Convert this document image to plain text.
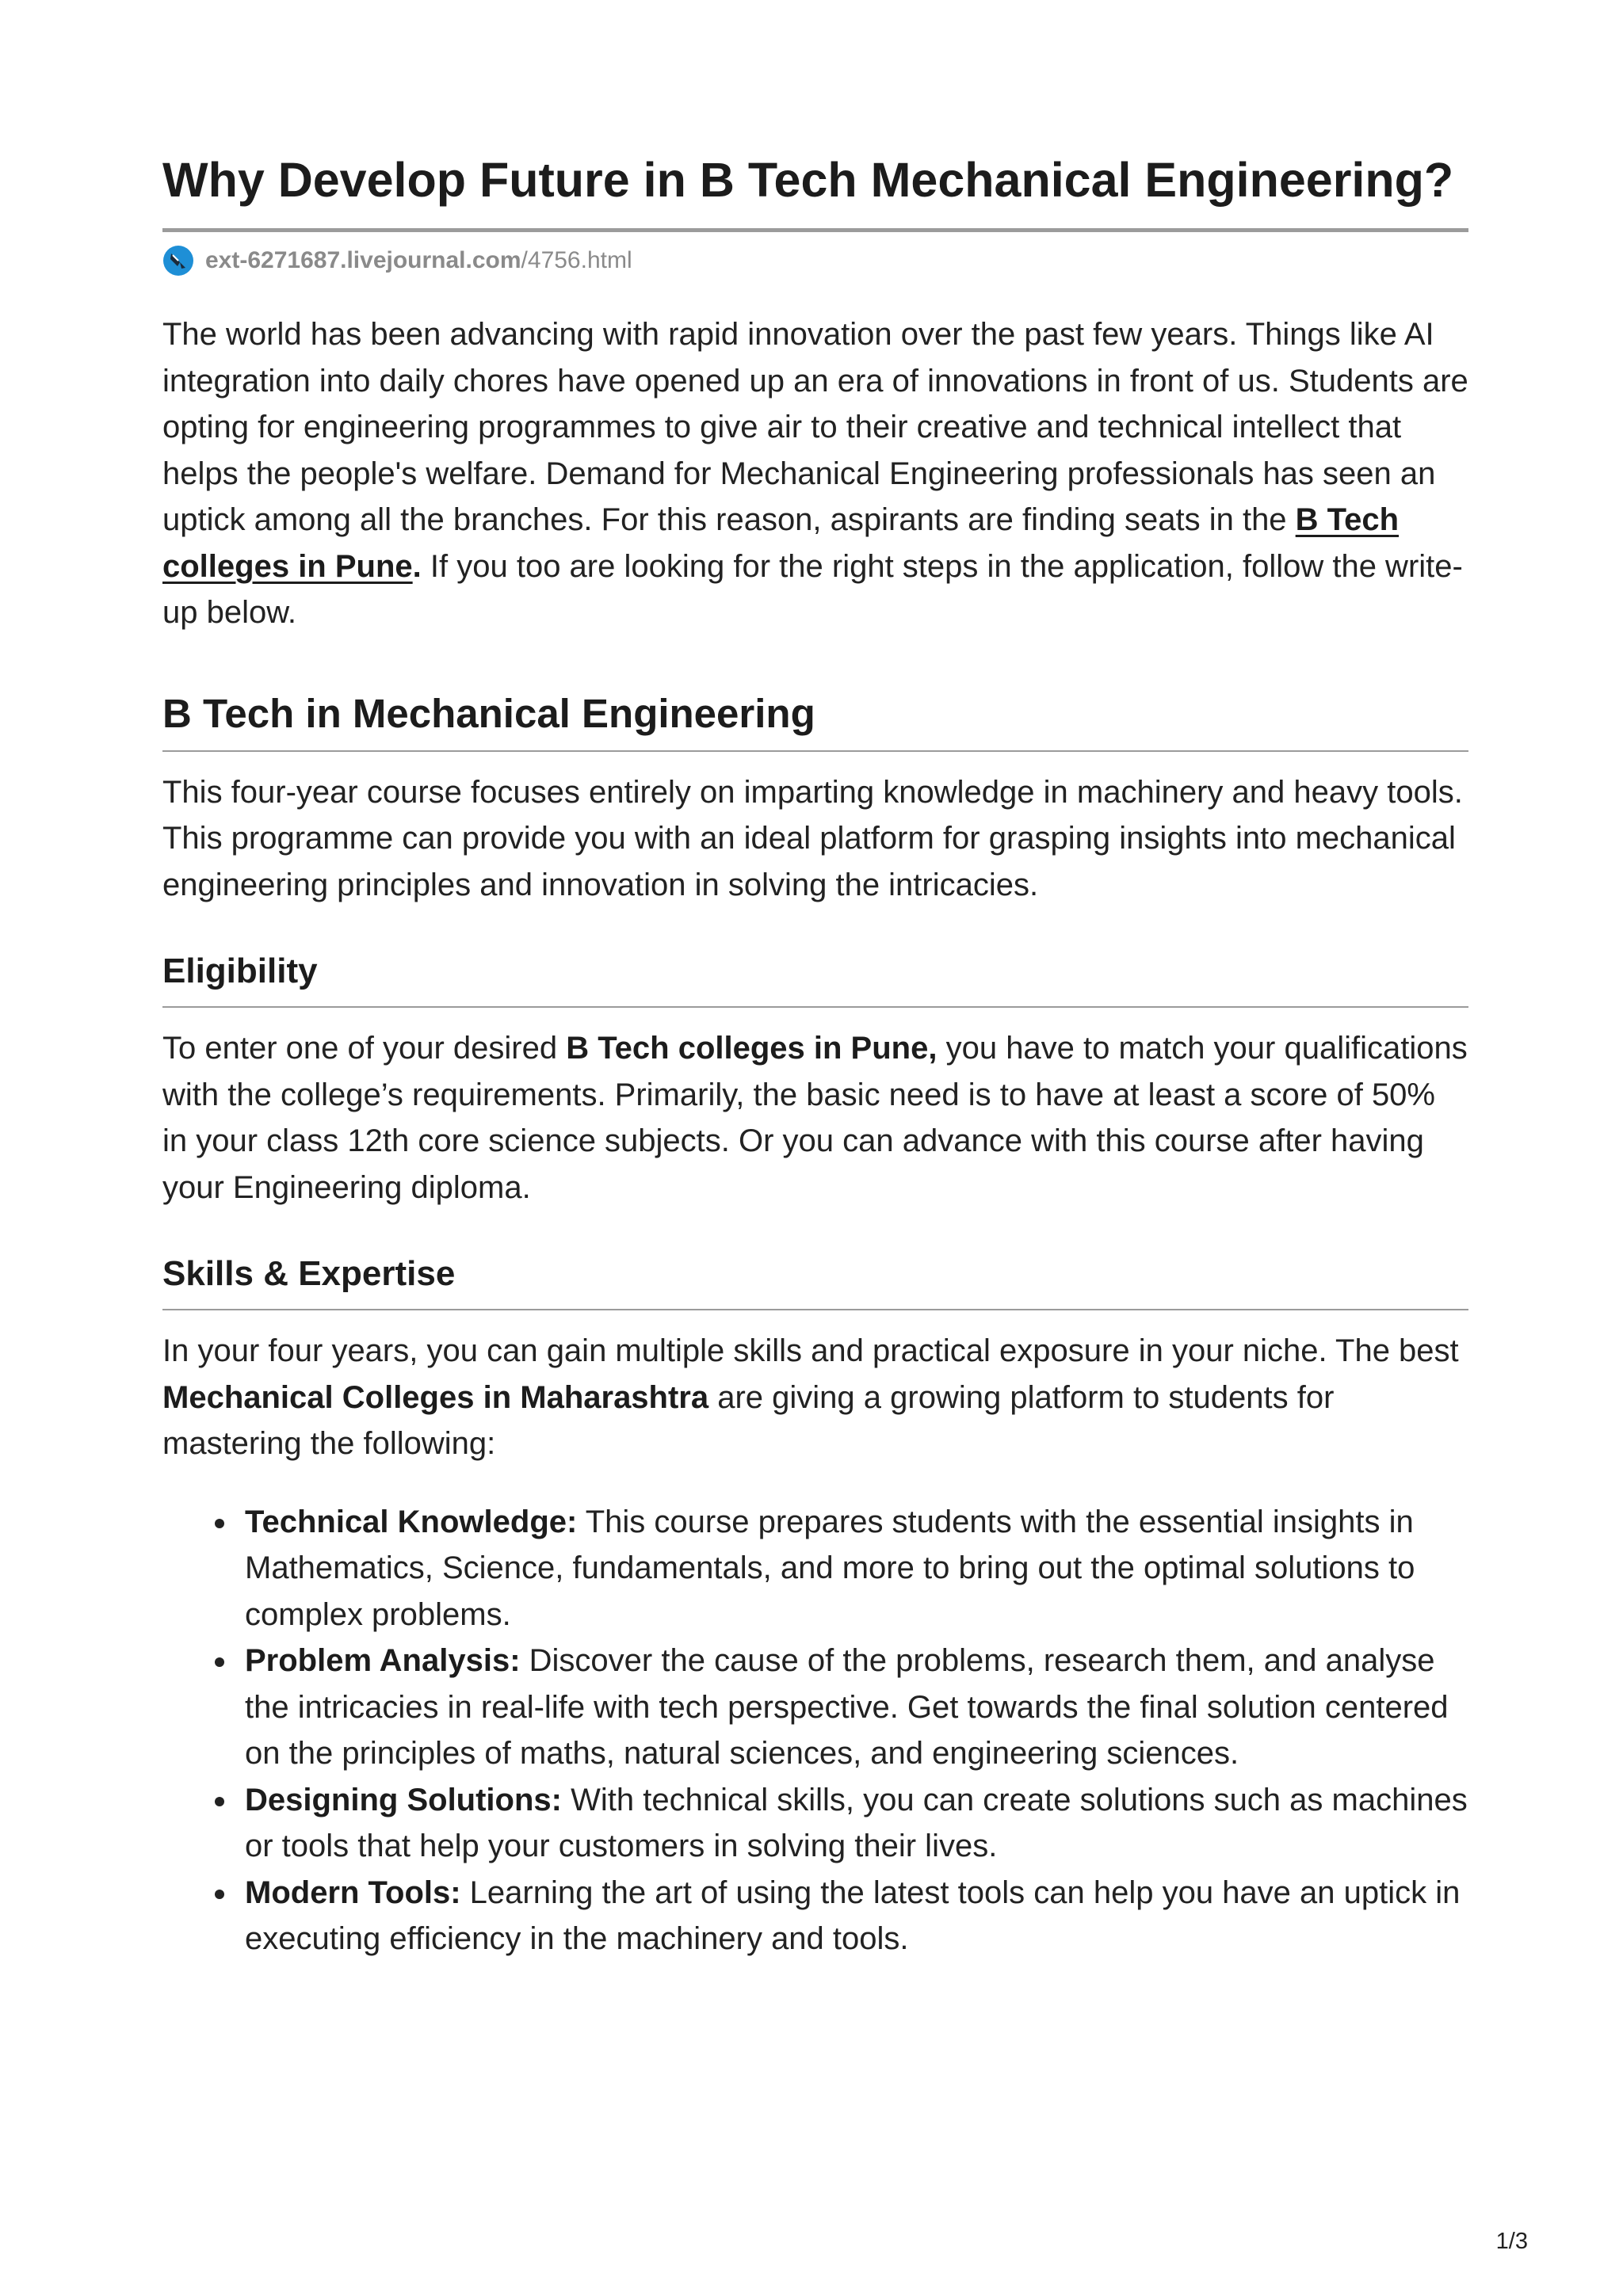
Why Develop Future in B Tech Mechanical Engineering?
ext-6271687.livejournal.com /4756.html

The world has been advancing with rapid innovation over the past few years. Things like AI integration into daily chores have opened up an era of innovations in front of us. Students are opting for engineering programmes to give air to their creative and technical intellect that helps the people's welfare. Demand for Mechanical Engineering professionals has seen an uptick among all the branches. For this reason, aspirants are finding seats in the B Tech colleges in Pune. If you too are looking for the right steps in the application, follow the write-up below.

B Tech in Mechanical Engineering

This four-year course focuses entirely on imparting knowledge in machinery and heavy tools. This programme can provide you with an ideal platform for grasping insights into mechanical engineering principles and innovation in solving the intricacies.

Eligibility

To enter one of your desired B Tech colleges in Pune, you have to match your qualifications with the college’s requirements. Primarily, the basic need is to have at least a score of 50% in your class 12th core science subjects. Or you can advance with this course after having your Engineering diploma.

Skills & Expertise

In your four years, you can gain multiple skills and practical exposure in your niche. The best Mechanical Colleges in Maharashtra are giving a growing platform to students for mastering the following:

Technical Knowledge: This course prepares students with the essential insights in Mathematics, Science, fundamentals, and more to bring out the optimal solutions to complex problems.
Problem Analysis: Discover the cause of the problems, research them, and analyse the intricacies in real-life with tech perspective. Get towards the final solution centered on the principles of maths, natural sciences, and engineering sciences.
Designing Solutions: With technical skills, you can create solutions such as machines or tools that help your customers in solving their lives.
Modern Tools: Learning the art of using the latest tools can help you have an uptick in executing efficiency in the machinery and tools.
1/3
